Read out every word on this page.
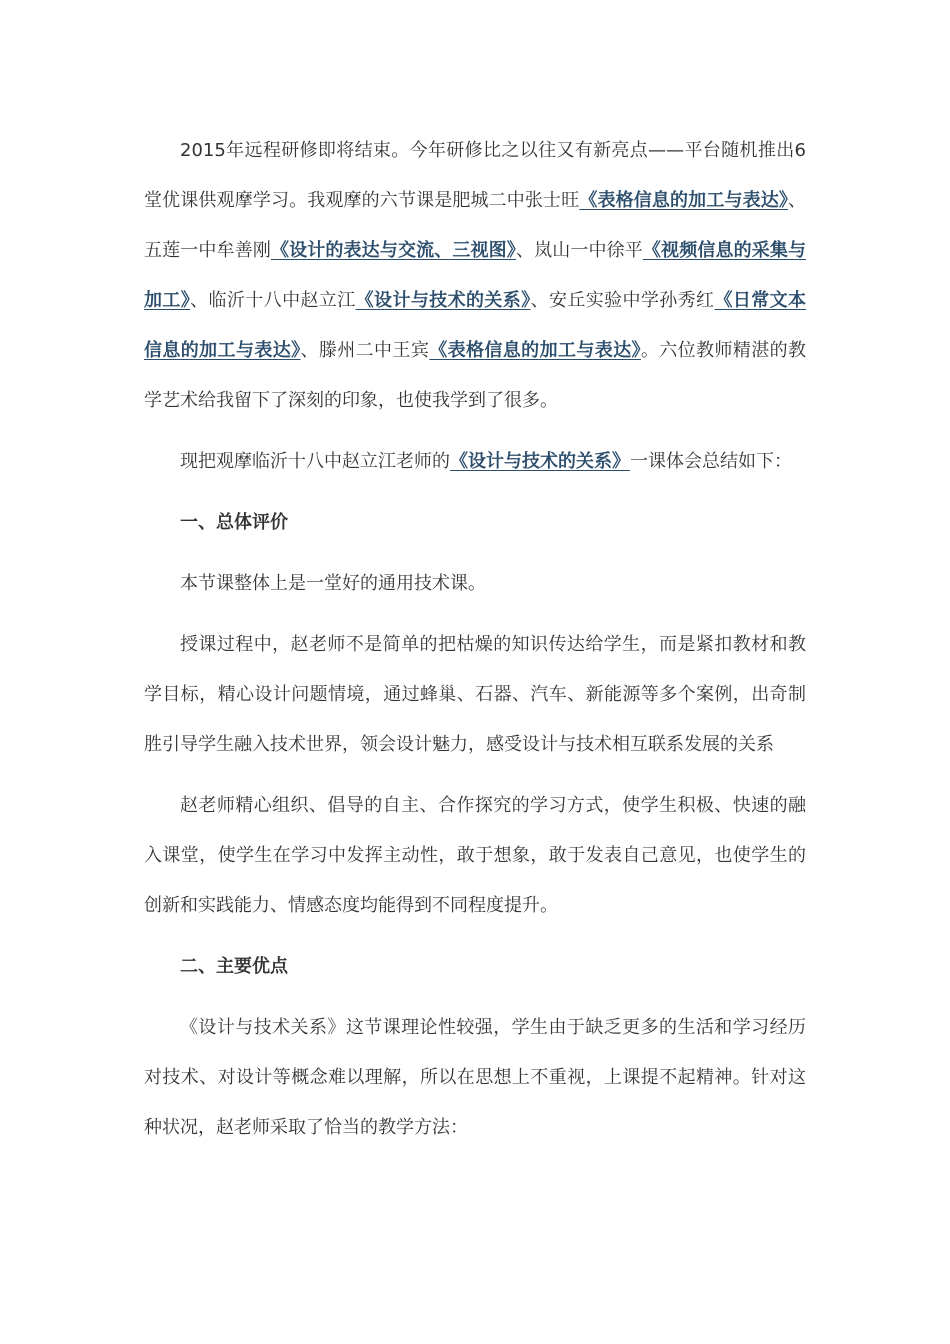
2015年远程研修即将结束。今年研修比之以往又有新亮点——平台随机推出6堂优课供观摩学习。我观摩的六节课是肥城二中张士旺《表格信息的加工与表达》、五莲一中牟善刚《设计的表达与交流、三视图》、岚山一中徐平《视频信息的采集与加工》、临沂十八中赵立江《设计与技术的关系》、安丘实验中学孙秀红《日常文本信息的加工与表达》、滕州二中王宾《表格信息的加工与表达》。六位教师精湛的教学艺术给我留下了深刻的印象，也使我学到了很多。

现把观摩临沂十八中赵立江老师的《设计与技术的关系》一课体会总结如下：

一、总体评价

本节课整体上是一堂好的通用技术课。

授课过程中，赵老师不是简单的把枯燥的知识传达给学生，而是紧扣教材和教学目标，精心设计问题情境，通过蜂巢、石器、汽车、新能源等多个案例，出奇制胜引导学生融入技术世界，领会设计魅力，感受设计与技术相互联系发展的关系

赵老师精心组织、倡导的自主、合作探究的学习方式，使学生积极、快速的融入课堂，使学生在学习中发挥主动性，敢于想象，敢于发表自己意见，也使学生的创新和实践能力、情感态度均能得到不同程度提升。

二、主要优点

《设计与技术关系》这节课理论性较强，学生由于缺乏更多的生活和学习经历对技术、对设计等概念难以理解，所以在思想上不重视，上课提不起精神。针对这种状况，赵老师采取了恰当的教学方法：
